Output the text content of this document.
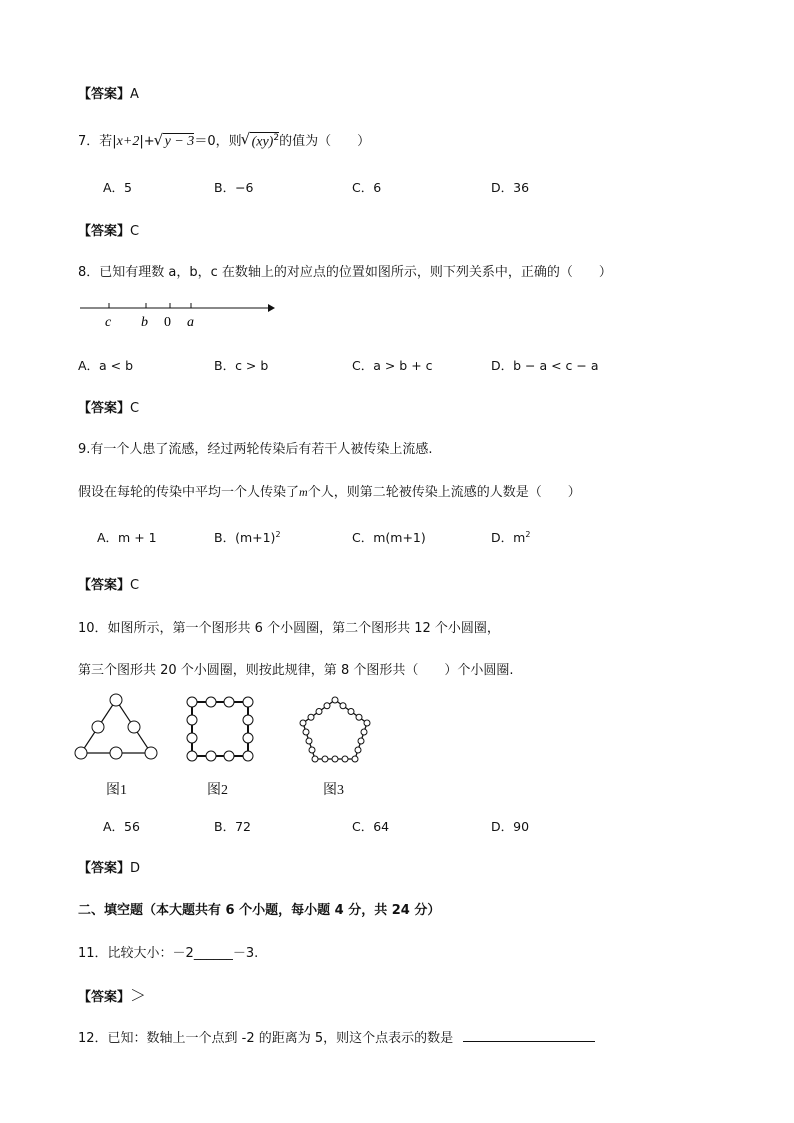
【答案】A
7．若|x+2|+ √ y − 3＝0，则 √ (xy)$^2$的值为（　　）
A．5	B．−6	C．6	D．36
【答案】C
8．已知有理数 a，b，c 在数轴上的对应点的位置如图所示，则下列关系中，正确的（　　）
c b 0 a
A．a < b	B．c > b	C．a > b + c	D．b − a < c − a
【答案】C
9.有一个人患了流感，经过两轮传染后有若干人被传染上流感.
假设在每轮的传染中平均一个人传染了m个人，则第二轮被传染上流感的人数是（　　）
A．m + 1	B．$(m+1)^2$	C．m(m+1)	D．$m^2$
【答案】C
10．如图所示，第一个图形共 6 个小圆圈，第二个图形共 12 个小圆圈，
第三个图形共 20 个小圆圈，则按此规律，第 8 个图形共（　　）个小圆圈.
图1	图2	图3
A．56	B．72	C．64	D．90
【答案】D
二、填空题（本大题共有 6 个小题，每小题 4 分，共 24 分）
11．比较大小：－2______－3.
【答案】＞
12．已知：数轴上一个点到 -2 的距离为 5，则这个点表示的数是
